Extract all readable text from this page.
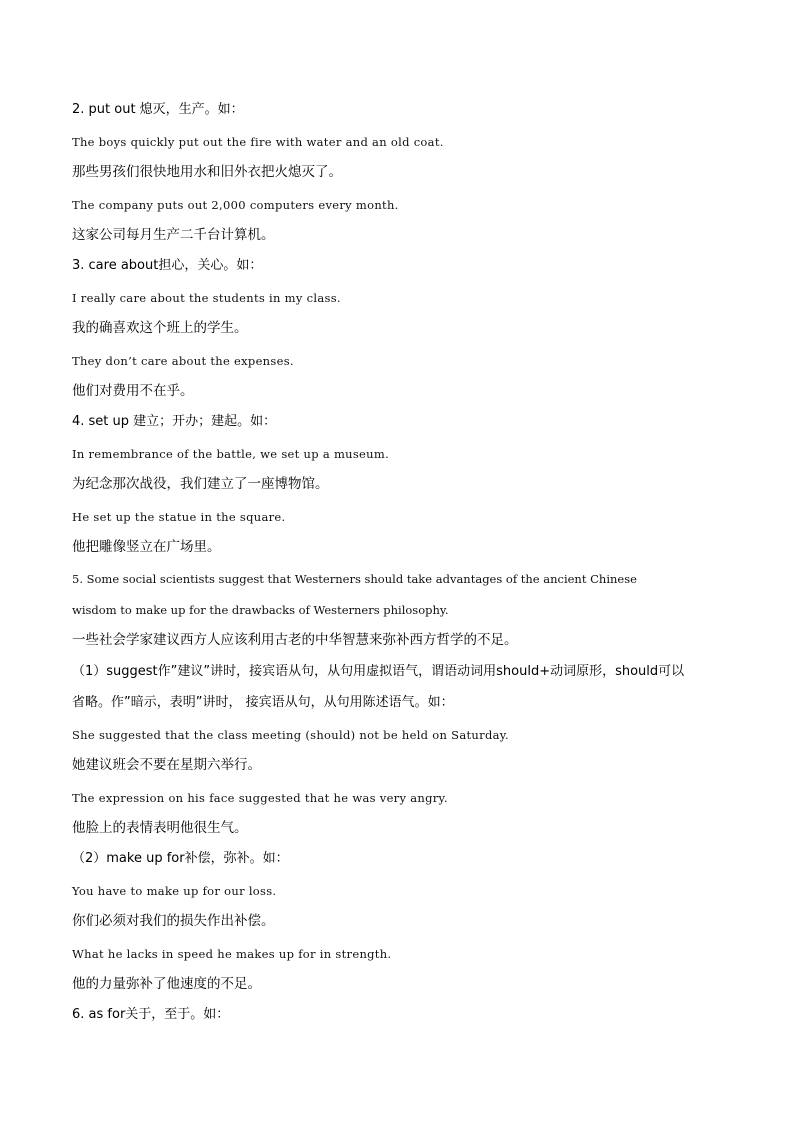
2. put out 熄灭，生产。如：
The boys quickly put out the fire with water and an old coat.
那些男孩们很快地用水和旧外衣把火熄灭了。
The company puts out 2,000 computers every month.
这家公司每月生产二千台计算机。
3. care about担心，关心。如：
I really care about the students in my class.
我的确喜欢这个班上的学生。
They don’t care about the expenses.
他们对费用不在乎。
4. set up 建立；开办；建起。如：
In remembrance of the battle, we set up a museum.
为纪念那次战役，我们建立了一座博物馆。
He set up the statue in the square.
他把雕像竖立在广场里。
5. Some social scientists suggest that Westerners should take advantages of the ancient Chinese
wisdom to make up for the drawbacks of Westerners philosophy.
一些社会学家建议西方人应该利用古老的中华智慧来弥补西方哲学的不足。
（1）suggest作”建议”讲时，接宾语从句，从句用虚拟语气，谓语动词用should+动词原形，should可以
省略。作”暗示，表明”讲时， 接宾语从句，从句用陈述语气。如：
She suggested that the class meeting (should) not be held on Saturday.
她建议班会不要在星期六举行。
The expression on his face suggested that he was very angry.
他脸上的表情表明他很生气。
（2）make up for补偿，弥补。如：
You have to make up for our loss.
你们必须对我们的损失作出补偿。
What he lacks in speed he makes up for in strength.
他的力量弥补了他速度的不足。
6. as for关于，至于。如：
